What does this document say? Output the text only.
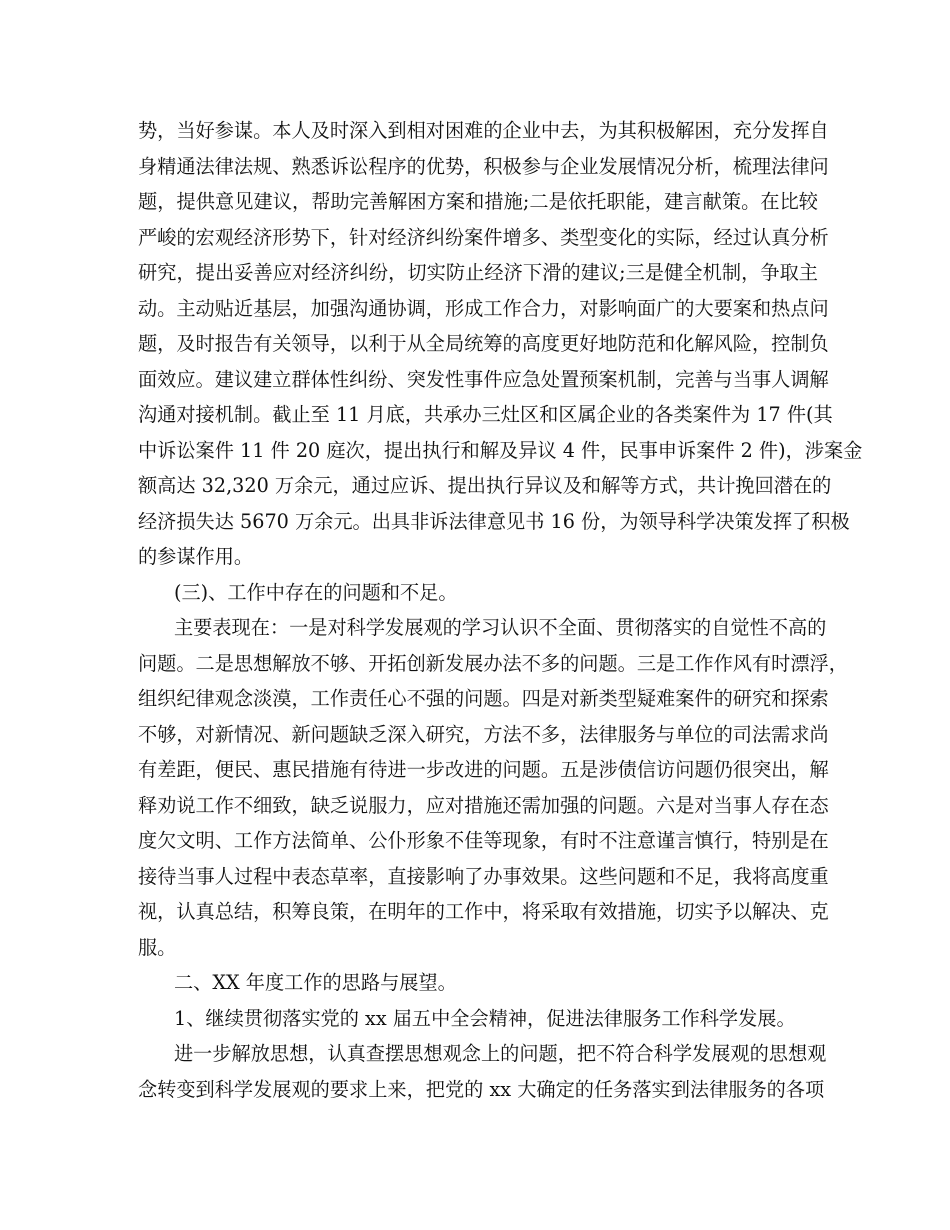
势，当好参谋。本人及时深入到相对困难的企业中去，为其积极解困，充分发挥自
身精通法律法规、熟悉诉讼程序的优势，积极参与企业发展情况分析，梳理法律问
题，提供意见建议，帮助完善解困方案和措施;二是依托职能，建言献策。在比较
严峻的宏观经济形势下，针对经济纠纷案件增多、类型变化的实际，经过认真分析
研究，提出妥善应对经济纠纷，切实防止经济下滑的建议;三是健全机制，争取主
动。主动贴近基层，加强沟通协调，形成工作合力，对影响面广的大要案和热点问
题，及时报告有关领导，以利于从全局统筹的高度更好地防范和化解风险，控制负
面效应。建议建立群体性纠纷、突发性事件应急处置预案机制，完善与当事人调解
沟通对接机制。截止至 11 月底，共承办三灶区和区属企业的各类案件为 17 件(其
中诉讼案件 11 件 20 庭次，提出执行和解及异议 4 件，民事申诉案件 2 件)，涉案金
额高达 32,320 万余元，通过应诉、提出执行异议及和解等方式，共计挽回潜在的
经济损失达 5670 万余元。出具非诉法律意见书 16 份，为领导科学决策发挥了积极
的参谋作用。
(三)、工作中存在的问题和不足。
主要表现在：一是对科学发展观的学习认识不全面、贯彻落实的自觉性不高的
问题。二是思想解放不够、开拓创新发展办法不多的问题。三是工作作风有时漂浮，
组织纪律观念淡漠，工作责任心不强的问题。四是对新类型疑难案件的研究和探索
不够，对新情况、新问题缺乏深入研究，方法不多，法律服务与单位的司法需求尚
有差距，便民、惠民措施有待进一步改进的问题。五是涉债信访问题仍很突出，解
释劝说工作不细致，缺乏说服力，应对措施还需加强的问题。六是对当事人存在态
度欠文明、工作方法简单、公仆形象不佳等现象，有时不注意谨言慎行，特别是在
接待当事人过程中表态草率，直接影响了办事效果。这些问题和不足，我将高度重
视，认真总结，积筹良策，在明年的工作中，将采取有效措施，切实予以解决、克
服。
二、XX 年度工作的思路与展望。
1、继续贯彻落实党的 xx 届五中全会精神，促进法律服务工作科学发展。
进一步解放思想，认真查摆思想观念上的问题，把不符合科学发展观的思想观
念转变到科学发展观的要求上来，把党的 xx 大确定的任务落实到法律服务的各项
